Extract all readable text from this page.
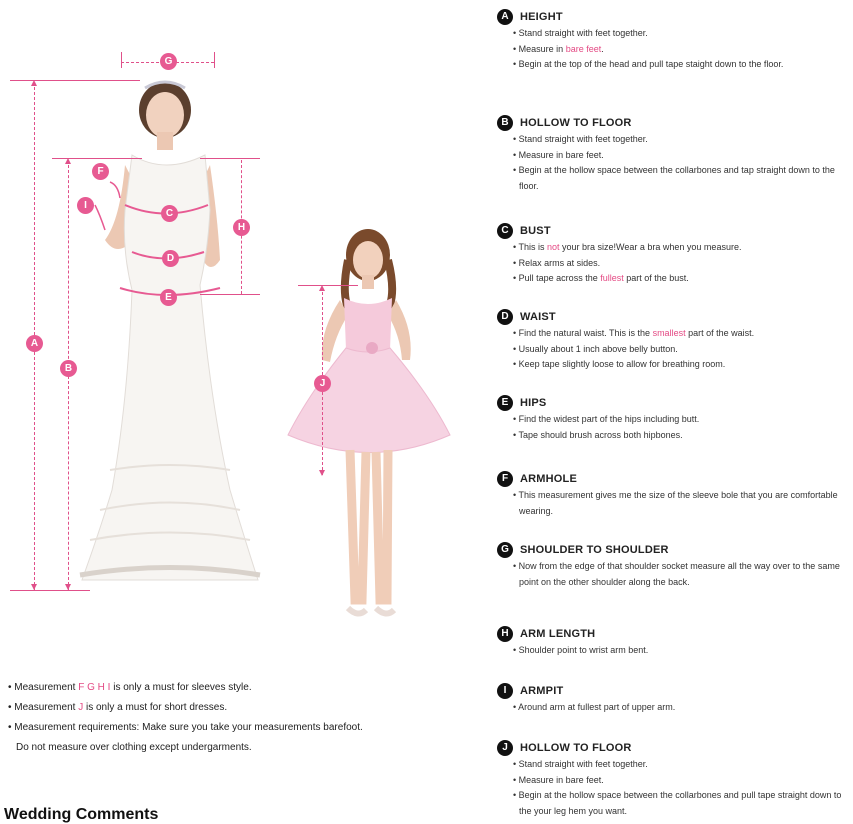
G
A
B
H
C
D
E
F
I
J
A	HEIGHT
• Stand straight with feet together.
• Measure in bare feet.
• Begin at the top of the head and pull tape staight down to the floor.
B	HOLLOW TO FLOOR
• Stand straight with feet together.
• Measure in bare feet.
• Begin at the hollow space between the collarbones and tap straight down to the floor.
C	BUST
• This is not your bra size!Wear a bra when you measure.
• Relax arms at sides.
• Pull tape across the fullest part of the bust.
D	WAIST
• Find the natural waist. This is the smallest part of the waist.
• Usually about 1 inch above belly button.
• Keep tape slightly loose to allow for breathing room.
E	HIPS
• Find the widest part of the hips including butt.
• Tape should brush across both hipbones.
F	ARMHOLE
• This measurement gives me the size of the sleeve bole that you are comfortable wearing.
G	SHOULDER TO SHOULDER
• Now from the edge of that shoulder socket measure all the way over to the same point on the other shoulder along the back.
H	ARM LENGTH
• Shoulder point to wrist arm bent.
I	ARMPIT
• Around arm at fullest part of upper arm.
J	HOLLOW TO FLOOR
• Stand straight with feet together.
• Measure in bare feet.
• Begin at the hollow space between the collarbones and pull tape straight down to the your leg hem you want.
• Measurement F G H I is only a must for sleeves style.
• Measurement J is only a must for short dresses.
• Measurement requirements: Make sure you take your measurements barefoot.
Do not measure over clothing except undergarments.
Wedding Comments
